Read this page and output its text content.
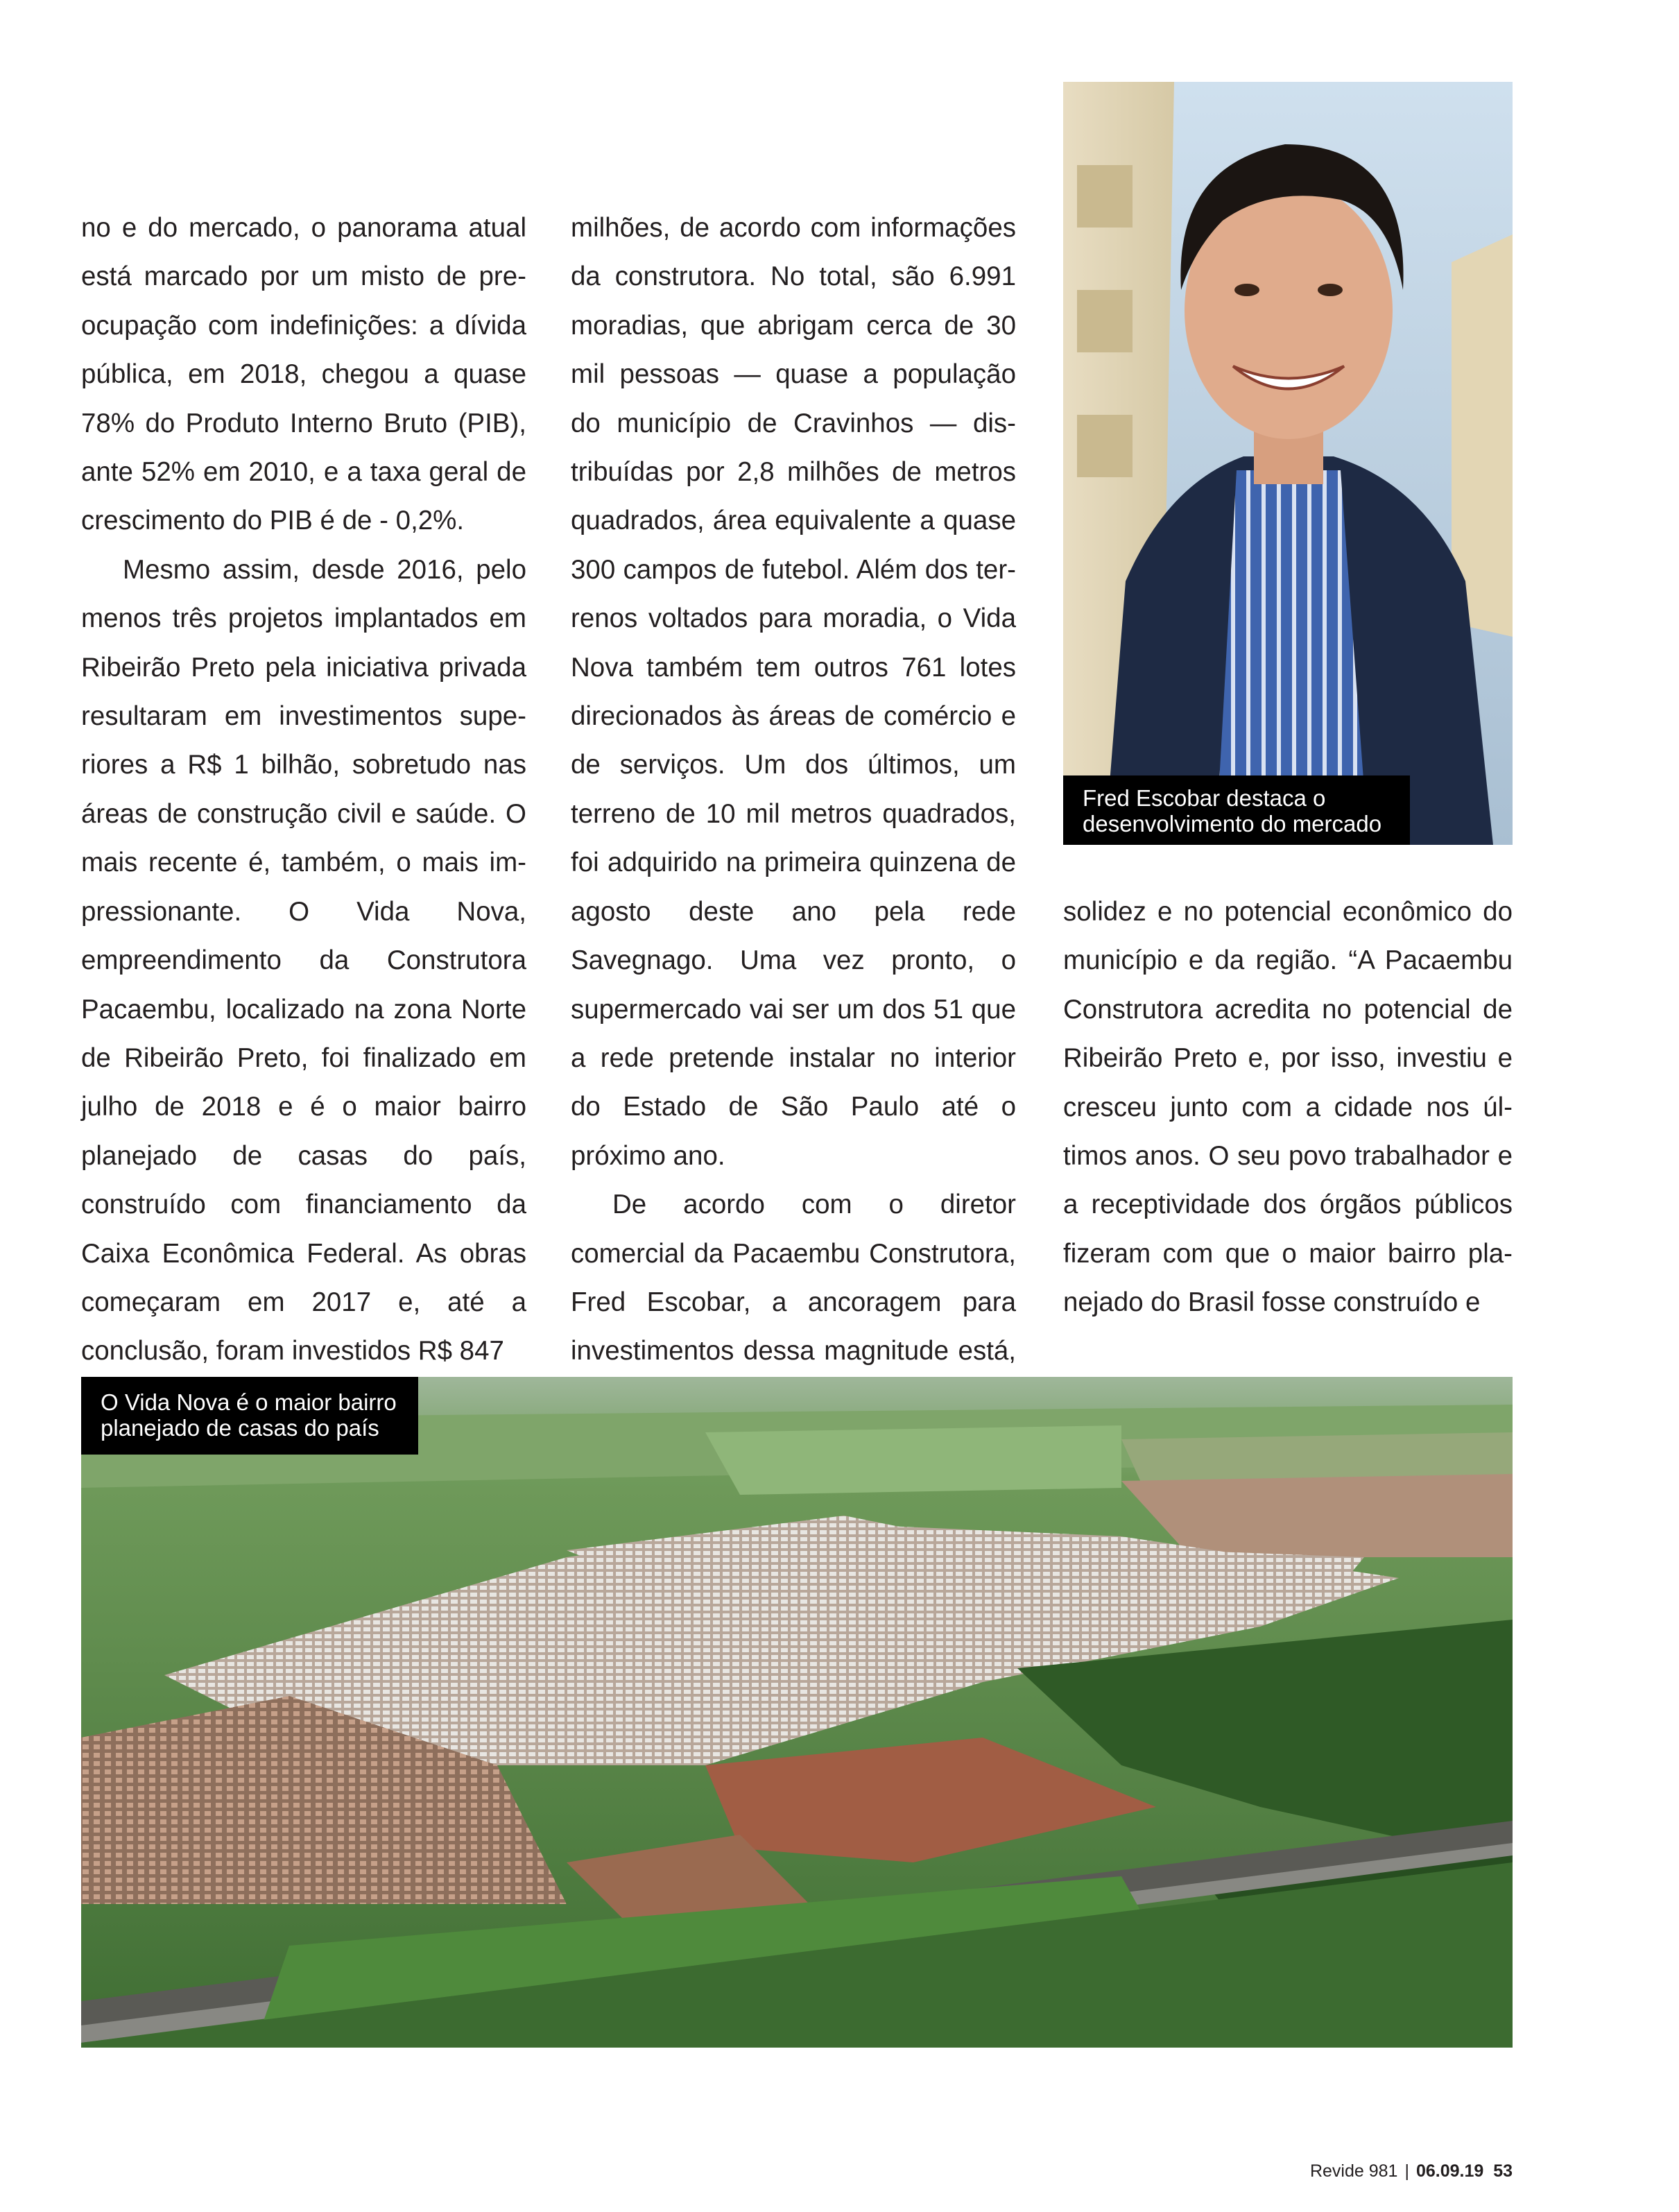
no e do mercado, o panorama atual está marcado por um misto de preocupação com indefinições: a dívida pública, em 2018, chegou a quase 78% do Produto Interno Bruto (PIB), ante 52% em 2010, e a taxa geral de crescimento do PIB é de - 0,2%.

Mesmo assim, desde 2016, pelo menos três projetos implantados em Ribeirão Preto pela iniciativa privada resultaram em investimentos superiores a R$ 1 bilhão, sobretudo nas áreas de construção civil e saúde. O mais recente é, também, o mais impressionante. O Vida Nova, empreendimento da Construtora Pacaembu, localizado na zona Norte de Ribeirão Preto, foi finalizado em julho de 2018 e é o maior bairro planejado de casas do país, construído com financiamento da Caixa Econômica Federal. As obras começaram em 2017 e, até a conclusão, foram investidos R$ 847

milhões, de acordo com informações da construtora. No total, são 6.991 moradias, que abrigam cerca de 30 mil pessoas — quase a população do município de Cravinhos — distribuídas por 2,8 milhões de metros quadrados, área equivalente a quase 300 campos de futebol. Além dos terrenos voltados para moradia, o Vida Nova também tem outros 761 lotes direcionados às áreas de comércio e de serviços. Um dos últimos, um terreno de 10 mil metros quadrados, foi adquirido na primeira quinzena de agosto deste ano pela rede Savegnago. Uma vez pronto, o supermercado vai ser um dos 51 que a rede pretende instalar no interior do Estado de São Paulo até o próximo ano.

De acordo com o diretor comercial da Pacaembu Construtora, Fred Escobar, a ancoragem para investimentos dessa magnitude está,

solidez e no potencial econômico do município e da região. “A Pacaembu Construtora acredita no potencial de Ribeirão Preto e, por isso, investiu e cresceu junto com a cidade nos últimos anos. O seu povo trabalhador e a receptividade dos órgãos públicos fizeram com que o maior bairro planejado do Brasil fosse construído e

Fred Escobar destaca o
desenvolvimento do mercado
O Vida Nova é o maior bairro
planejado de casas do país
Revide 981 | 06.09.19 53
